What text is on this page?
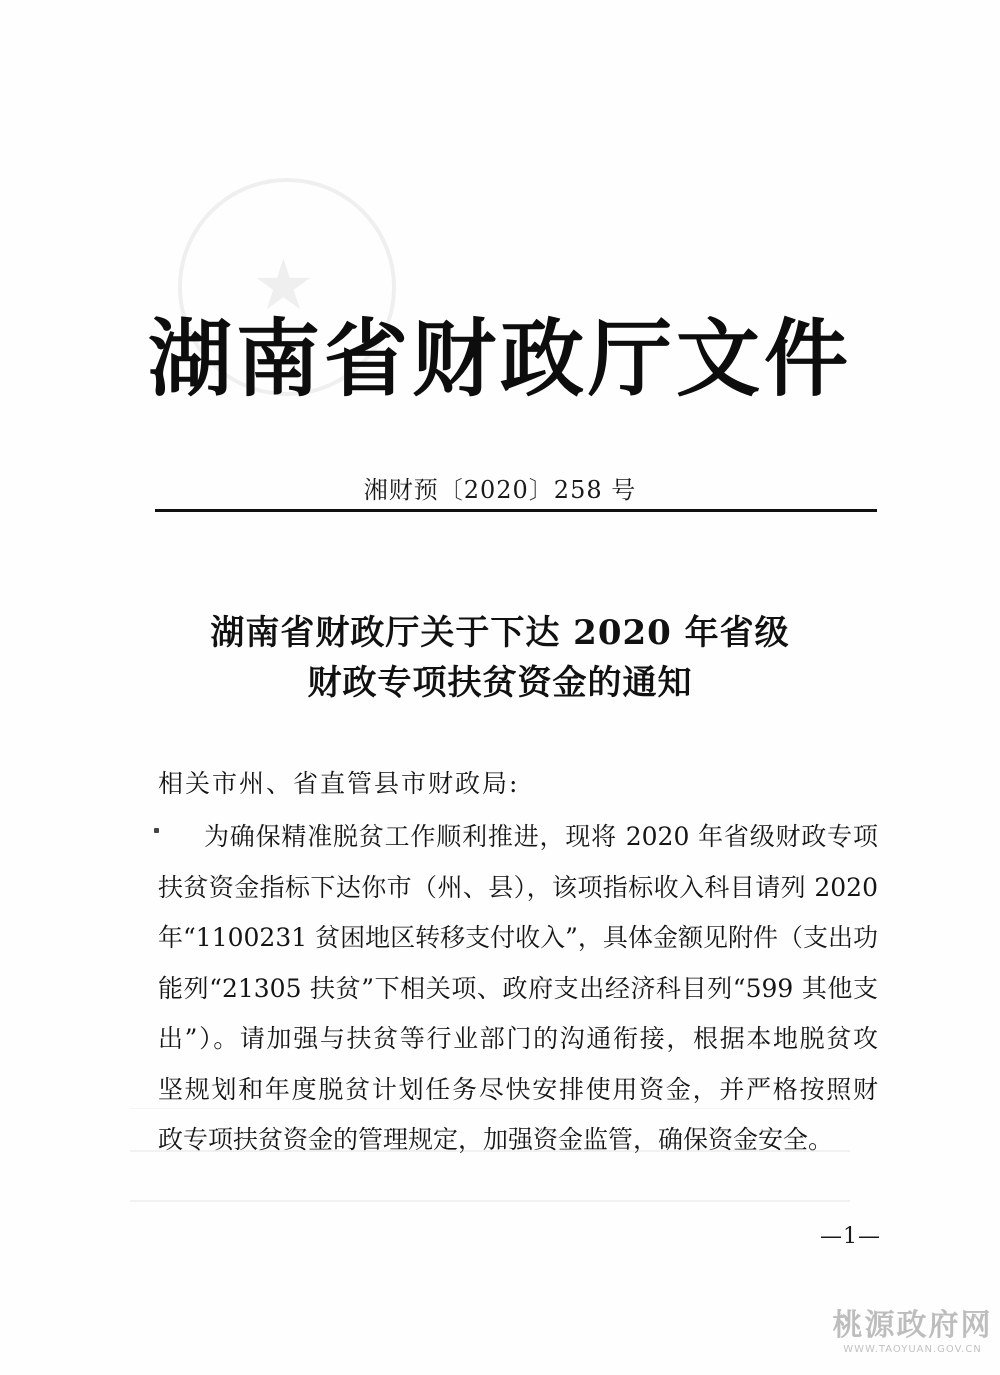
★
湖南省财政厅文件
湘财预〔2020〕258 号
湖南省财政厅关于下达 2020 年省级
财政专项扶贫资金的通知
相关市州、省直管县市财政局:
为确保精准脱贫工作顺利推进，现将 2020 年省级财政专项
扶贫资金指标下达你市（州、县），该项指标收入科目请列 2020
年“1100231 贫困地区转移支付收入”，具体金额见附件（支出功
能列“21305 扶贫”下相关项、政府支出经济科目列“599 其他支
出”）。请加强与扶贫等行业部门的沟通衔接，根据本地脱贫攻
坚规划和年度脱贫计划任务尽快安排使用资金，并严格按照财
政专项扶贫资金的管理规定，加强资金监管，确保资金安全。
—1—
桃源政府网
WWW.TAOYUAN.GOV.CN
